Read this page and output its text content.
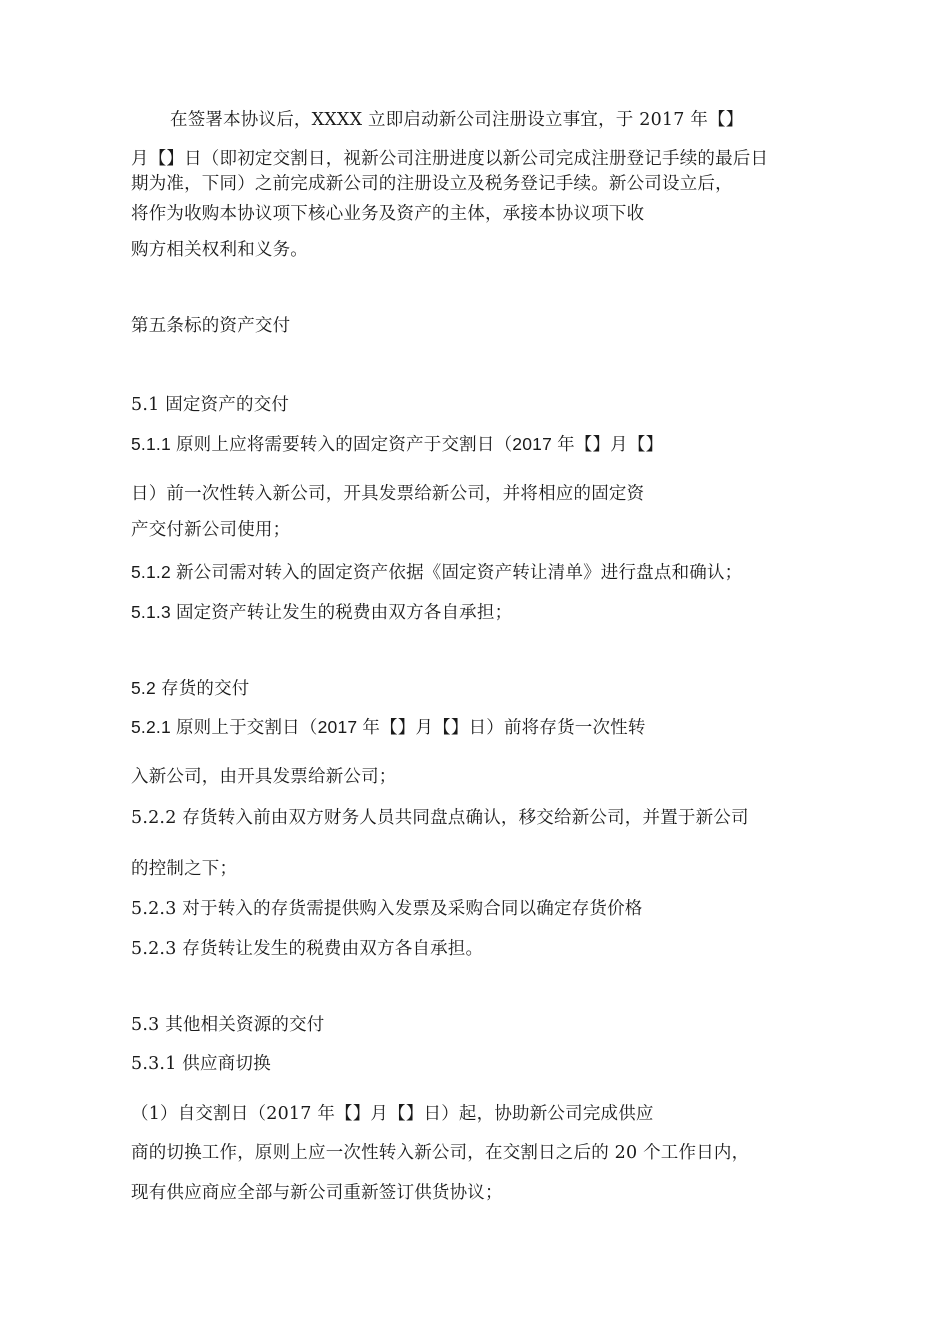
在签署本协议后，XXXX 立即启动新公司注册设立事宜，于 2017 年【】
月【】日（即初定交割日，视新公司注册进度以新公司完成注册登记手续的最后日
期为准，下同）之前完成新公司的注册设立及税务登记手续。新公司设立后，
将作为收购本协议项下核心业务及资产的主体，承接本协议项下收
购方相关权利和义务。
第五条标的资产交付
5.1 固定资产的交付
5.1.1 原则上应将需要转入的固定资产于交割日（2017 年【】月【】
日）前一次性转入新公司，开具发票给新公司，并将相应的固定资
产交付新公司使用；
5.1.2 新公司需对转入的固定资产依据《固定资产转让清单》进行盘点和确认；
5.1.3 固定资产转让发生的税费由双方各自承担；
5.2 存货的交付
5.2.1 原则上于交割日（2017 年【】月【】日）前将存货一次性转
入新公司，由开具发票给新公司；
5.2.2 存货转入前由双方财务人员共同盘点确认，移交给新公司，并置于新公司
的控制之下；
5.2.3 对于转入的存货需提供购入发票及采购合同以确定存货价格
5.2.3 存货转让发生的税费由双方各自承担。
5.3 其他相关资源的交付
5.3.1 供应商切换
（1）自交割日（2017 年【】月【】日）起，协助新公司完成供应
商的切换工作，原则上应一次性转入新公司，在交割日之后的 20 个工作日内，
现有供应商应全部与新公司重新签订供货协议；
